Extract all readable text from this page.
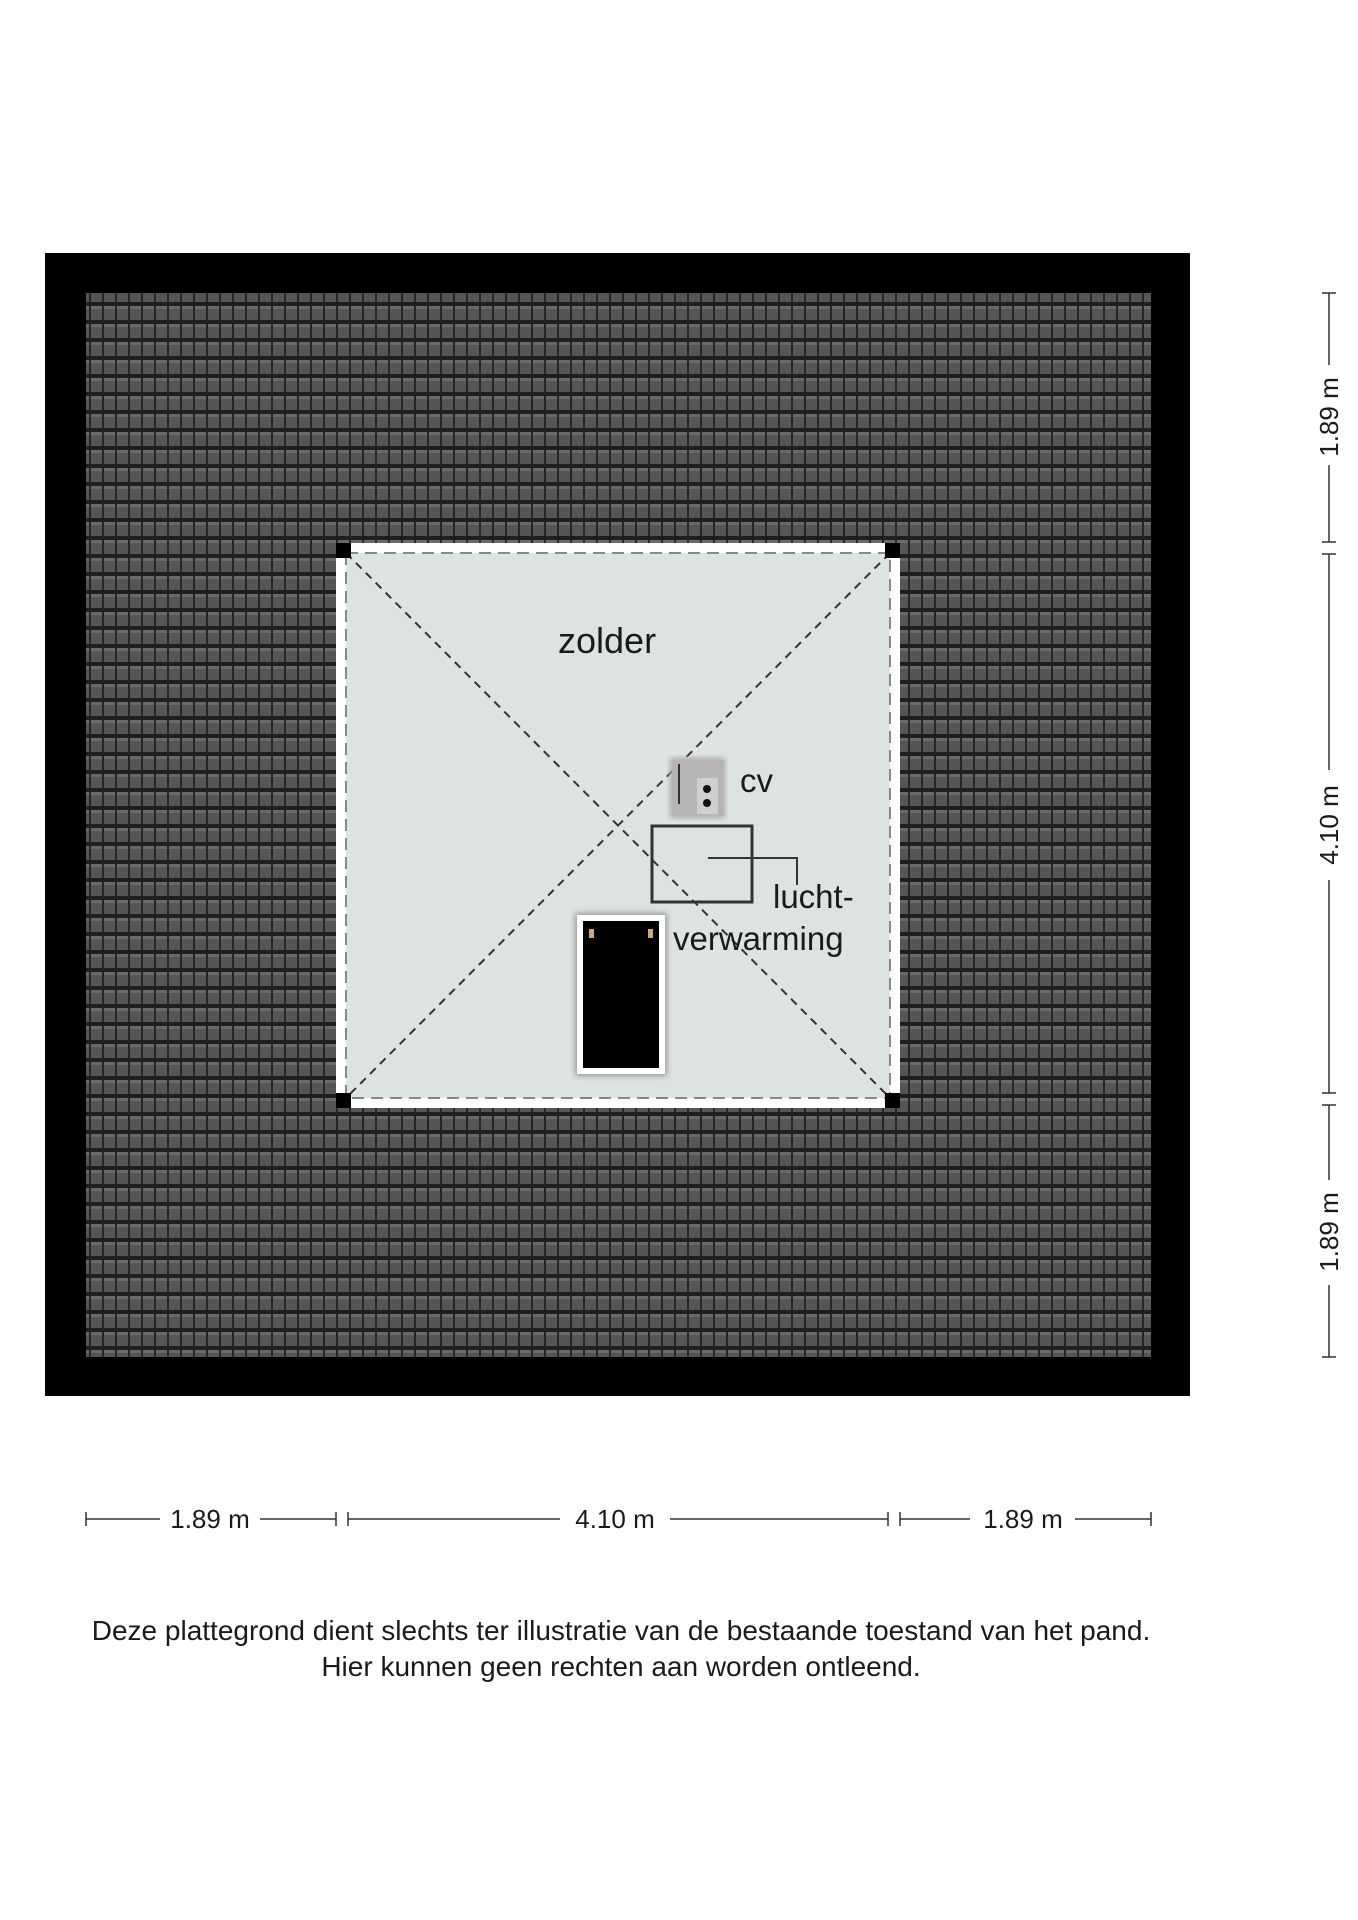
zolder
cv
lucht-
verwarming
1.89 m	4.10 m	1.89 m
1.89 m
4.10 m
1.89 m
Deze plattegrond dient slechts ter illustratie van de bestaande toestand van het pand.
Hier kunnen geen rechten aan worden ontleend.
